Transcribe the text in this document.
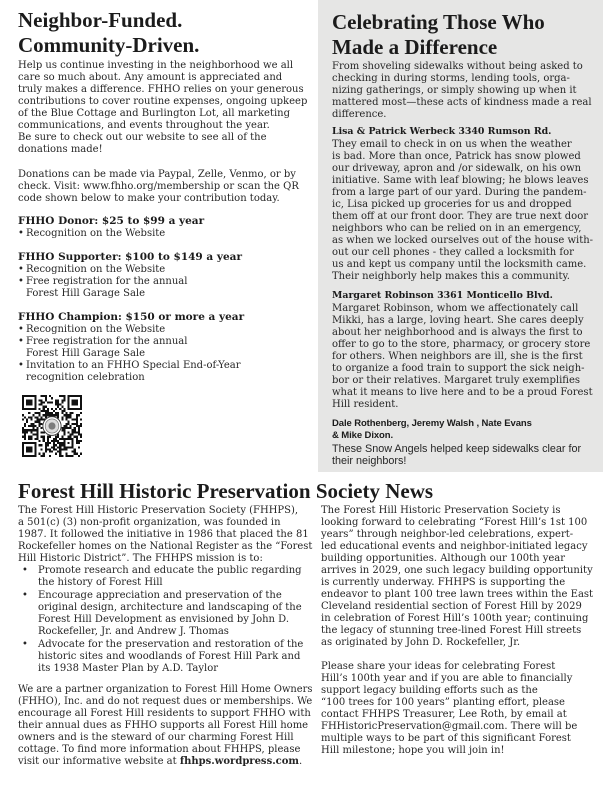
Neighbor-Funded.
Community-Driven.
Help us continue investing in the neighborhood we all
care so much about. Any amount is appreciated and
truly makes a difference. FHHO relies on your generous
contributions to cover routine expenses, ongoing upkeep
of the Blue Cottage and Burlington Lot, all marketing
communications, and events throughout the year.
Be sure to check out our website to see all of the
donations made!
Donations can be made via Paypal, Zelle, Venmo, or by
check. Visit: www.fhho.org/membership or scan the QR
code shown below to make your contribution today.
FHHO Donor: $25 to $99 a year
• Recognition on the Website
FHHO Supporter: $100 to $149 a year
• Recognition on the Website
• Free registration for the annual
Forest Hill Garage Sale
FHHO Champion: $150 or more a year
• Recognition on the Website
• Free registration for the annual
Forest Hill Garage Sale
• Invitation to an FHHO Special End-of-Year
recognition celebration
Celebrating Those Who
Made a Difference
From shoveling sidewalks without being asked to
checking in during storms, lending tools, orga-
nizing gatherings, or simply showing up when it
mattered most—these acts of kindness made a real
difference.
Lisa & Patrick Werbeck 3340 Rumson Rd.
They email to check in on us when the weather
is bad. More than once, Patrick has snow plowed
our driveway, apron and /or sidewalk, on his own
initiative. Same with leaf blowing; he blows leaves
from a large part of our yard. During the pandem-
ic, Lisa picked up groceries for us and dropped
them off at our front door. They are true next door
neighbors who can be relied on in an emergency,
as when we locked ourselves out of the house with-
out our cell phones - they called a locksmith for
us and kept us company until the locksmith came.
Their neighborly help makes this a community.
Margaret Robinson 3361 Monticello Blvd.
Margaret Robinson, whom we affectionately call
Mikki, has a large, loving heart. She cares deeply
about her neighborhood and is always the first to
offer to go to the store, pharmacy, or grocery store
for others. When neighbors are ill, she is the first
to organize a food train to support the sick neigh-
bor or their relatives. Margaret truly exemplifies
what it means to live here and to be a proud Forest
Hill resident.
Dale Rothenberg, Jeremy Walsh , Nate Evans
& Mike Dixon.
These Snow Angels helped keep sidewalks clear for
their neighbors!
Forest Hill Historic Preservation Society News
The Forest Hill Historic Preservation Society (FHHPS),
a 501(c) (3) non-profit organization, was founded in
1987. It followed the initiative in 1986 that placed the 81
Rockefeller homes on the National Register as the “Forest
Hill Historic District”. The FHHPS mission is to:
• Promote research and educate the public regarding
the history of Forest Hill
• Encourage appreciation and preservation of the
original design, architecture and landscaping of the
Forest Hill Development as envisioned by John D.
Rockefeller, Jr. and Andrew J. Thomas
• Advocate for the preservation and restoration of the
historic sites and woodlands of Forest Hill Park and
its 1938 Master Plan by A.D. Taylor
We are a partner organization to Forest Hill Home Owners
(FHHO), Inc. and do not request dues or memberships. We
encourage all Forest Hill residents to support FHHO with
their annual dues as FHHO supports all Forest Hill home
owners and is the steward of our charming Forest Hill
cottage. To find more information about FHHPS, please
visit our informative website at fhhps.wordpress.com.
The Forest Hill Historic Preservation Society is
looking forward to celebrating “Forest Hill’s 1st 100
years” through neighbor-led celebrations, expert-
led educational events and neighbor-initiated legacy
building opportunities. Although our 100th year
arrives in 2029, one such legacy building opportunity
is currently underway. FHHPS is supporting the
endeavor to plant 100 tree lawn trees within the East
Cleveland residential section of Forest Hill by 2029
in celebration of Forest Hill’s 100th year; continuing
the legacy of stunning tree-lined Forest Hill streets
as originated by John D. Rockefeller, Jr.
Please share your ideas for celebrating Forest
Hill’s 100th year and if you are able to financially
support legacy building efforts such as the
“100 trees for 100 years” planting effort, please
contact FHHPS Treasurer, Lee Roth, by email at
FHHistoricPreservation@gmail.com. There will be
multiple ways to be part of this significant Forest
Hill milestone; hope you will join in!
